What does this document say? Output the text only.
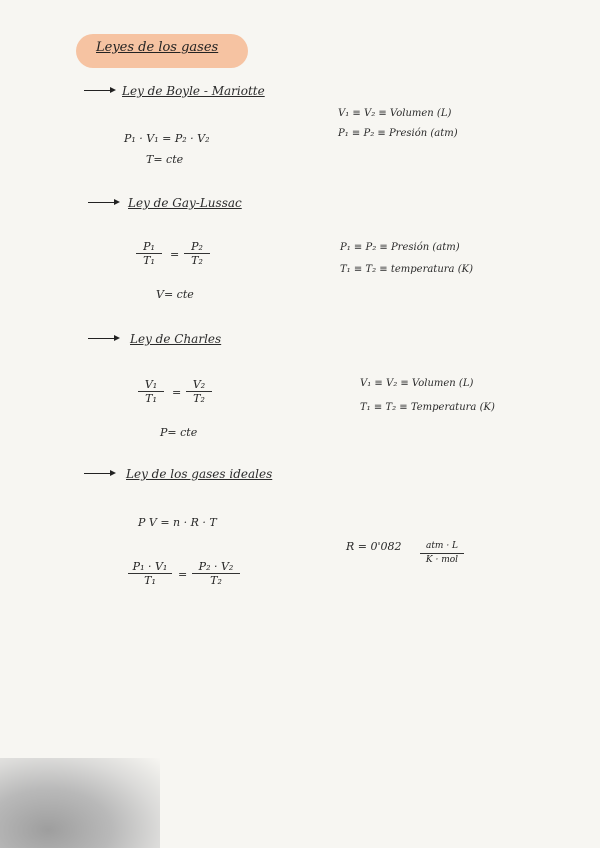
Leyes de los gases
Ley de Boyle - Mariotte
P₁ · V₁ = P₂ · V₂
T= cte
V₁ ≡ V₂ ≡ Volumen (L)
P₁ ≡ P₂ ≡ Presión (atm)
Ley de Gay-Lussac
$\frac{\text{P₁}}{\text{T₁}} = \frac{\text{P₂}}{\text{T₂}}$
V= cte
P₁ ≡ P₂ ≡ Presión (atm)
T₁ ≡ T₂ ≡ temperatura (K)
Ley de Charles
$\frac{\text{V₁}}{\text{T₁}} = \frac{\text{V₂}}{\text{T₂}}$
P= cte
V₁ ≡ V₂ ≡ Volumen (L)
T₁ ≡ T₂ ≡ Temperatura (K)
Ley de los gases ideales
P V = n · R · T
$\frac{\text{P₁ · V₁}}{\text{T₁}} = \frac{\text{P₂ · V₂}}{\text{T₂}}$
R = 0'082	atm · L
K · mol
